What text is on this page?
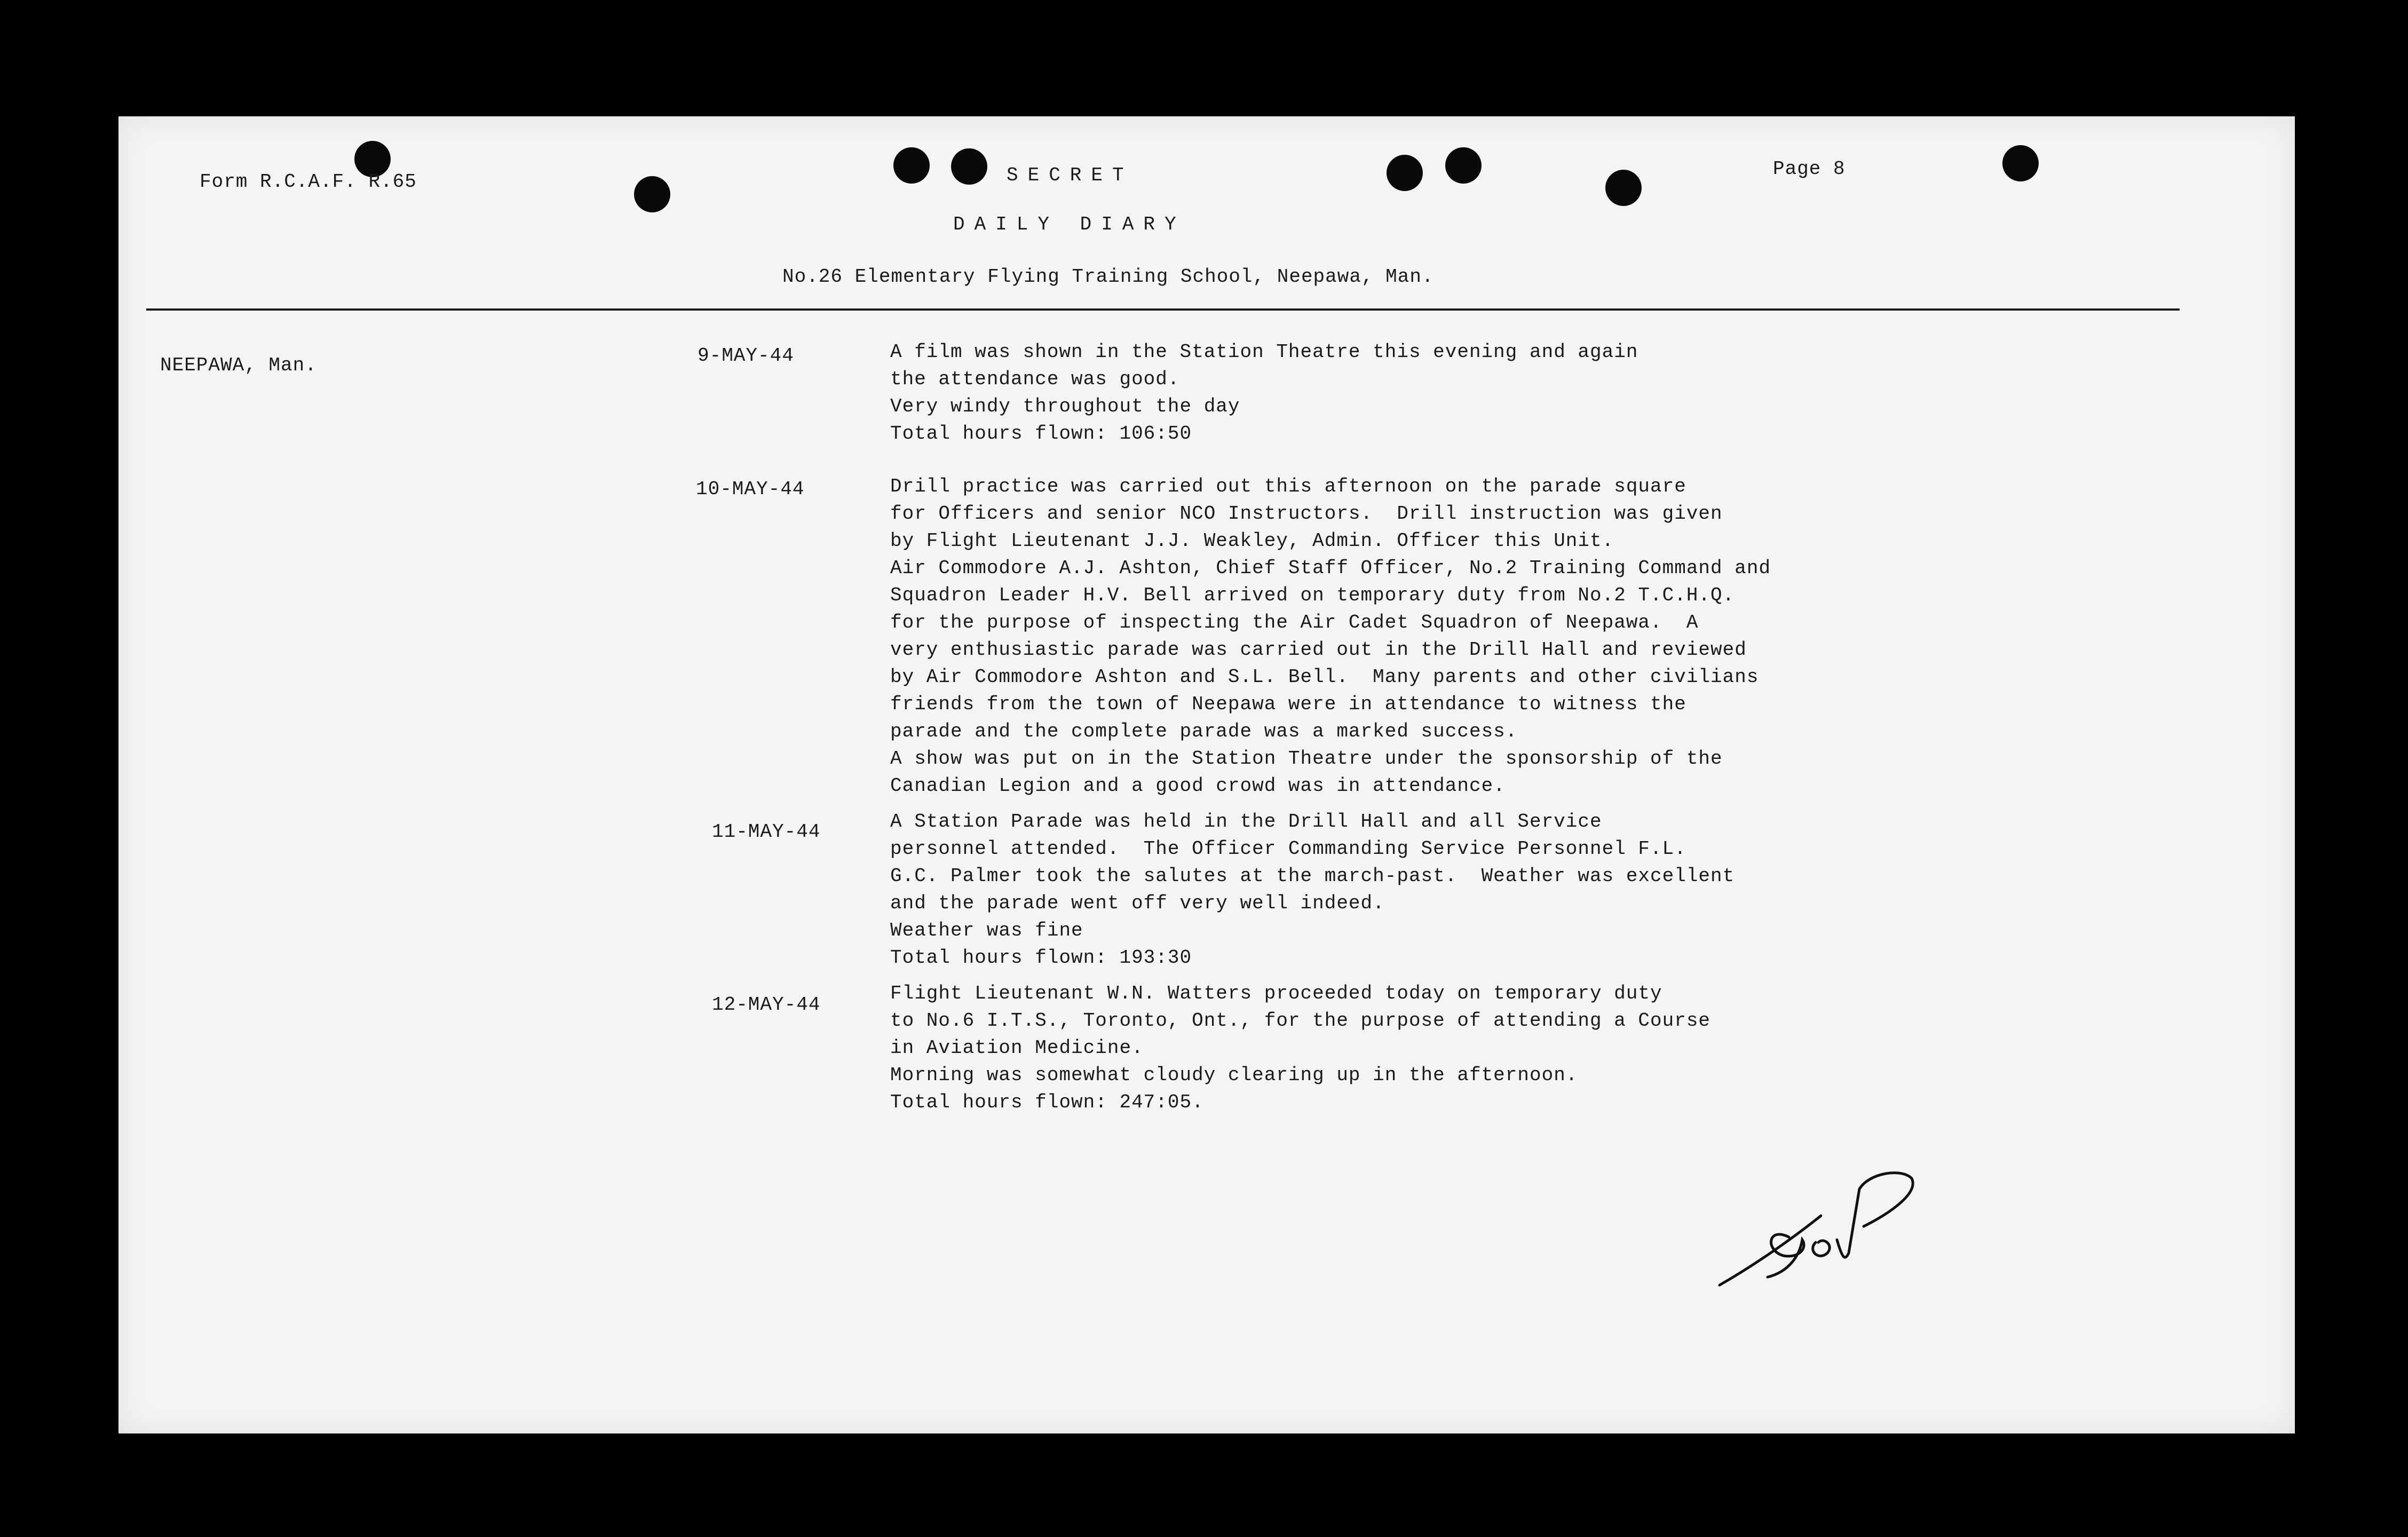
Form R.C.A.F. R.65	SECRET	Page 8
DAILY DIARY
No.26 Elementary Flying Training School, Neepawa, Man.
NEEPAWA, Man.	9-MAY-44	A film was shown in the Station Theatre this evening and again
the attendance was good.
Very windy throughout the day
Total hours flown: 106:50
10-MAY-44	Drill practice was carried out this afternoon on the parade square
for Officers and senior NCO Instructors.  Drill instruction was given
by Flight Lieutenant J.J. Weakley, Admin. Officer this Unit.
Air Commodore A.J. Ashton, Chief Staff Officer, No.2 Training Command and
Squadron Leader H.V. Bell arrived on temporary duty from No.2 T.C.H.Q.
for the purpose of inspecting the Air Cadet Squadron of Neepawa.  A
very enthusiastic parade was carried out in the Drill Hall and reviewed
by Air Commodore Ashton and S.L. Bell.  Many parents and other civilians
friends from the town of Neepawa were in attendance to witness the
parade and the complete parade was a marked success.
A show was put on in the Station Theatre under the sponsorship of the
Canadian Legion and a good crowd was in attendance.
11-MAY-44	A Station Parade was held in the Drill Hall and all Service
personnel attended.  The Officer Commanding Service Personnel F.L.
G.C. Palmer took the salutes at the march-past.  Weather was excellent
and the parade went off very well indeed.
Weather was fine
Total hours flown: 193:30
12-MAY-44
Flight Lieutenant W.N. Watters proceeded today on temporary duty
to No.6 I.T.S., Toronto, Ont., for the purpose of attending a Course
in Aviation Medicine.
Morning was somewhat cloudy clearing up in the afternoon.
Total hours flown: 247:05.
